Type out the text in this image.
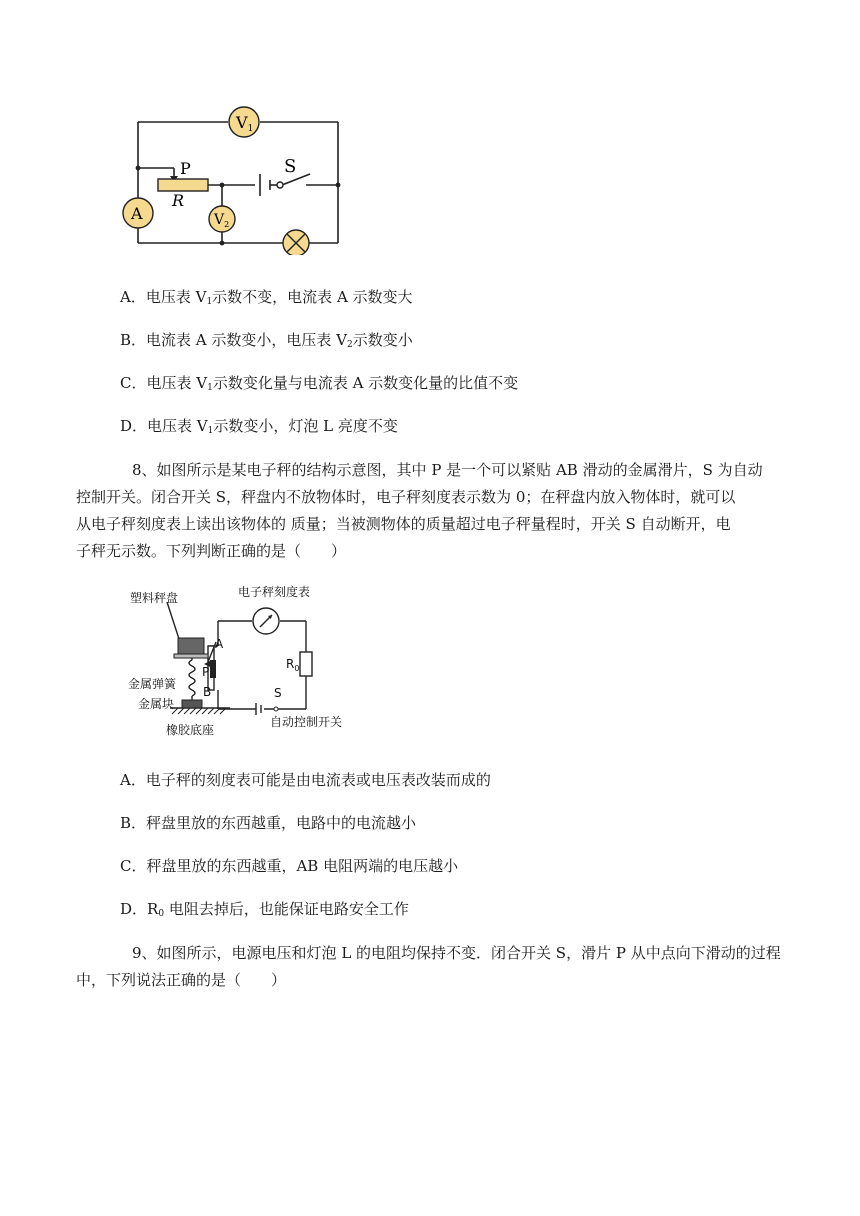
V1
A	$V_2$
P
R
S
A．电压表 $V_1$示数不变，电流表 A 示数变大
B．电流表 A 示数变小，电压表 $V_2$示数变小
C．电压表 $V_1$示数变化量与电流表 A 示数变化量的比值不变
D．电压表 $V_1$示数变小，灯泡 L 亮度不变
8、如图所示是某电子秤的结构示意图，其中 P 是一个可以紧贴 AB 滑动的金属滑片，S 为自动
控制开关。闭合开关 S，秤盘内不放物体时，电子秤刻度表示数为 0；在秤盘内放入物体时，就可以
从电子秤刻度表上读出该物体的 质量；当被测物体的质量超过电子秤量程时，开关 S 自动断开，电
子秤无示数。下列判断正确的是（　　）
塑料秤盘	电子秤刻度表
金属弹簧
金属块
橡胶底座
自动控制开关
A
B
P
S
$R_0$
A．电子秤的刻度表可能是由电流表或电压表改装而成的
B．秤盘里放的东西越重，电路中的电流越小
C．秤盘里放的东西越重，AB 电阻两端的电压越小
D．$R_0$ 电阻去掉后，也能保证电路安全工作
9、如图所示，电源电压和灯泡 L 的电阻均保持不变．闭合开关 S，滑片 P 从中点向下滑动的过程
中，下列说法正确的是（　　）
